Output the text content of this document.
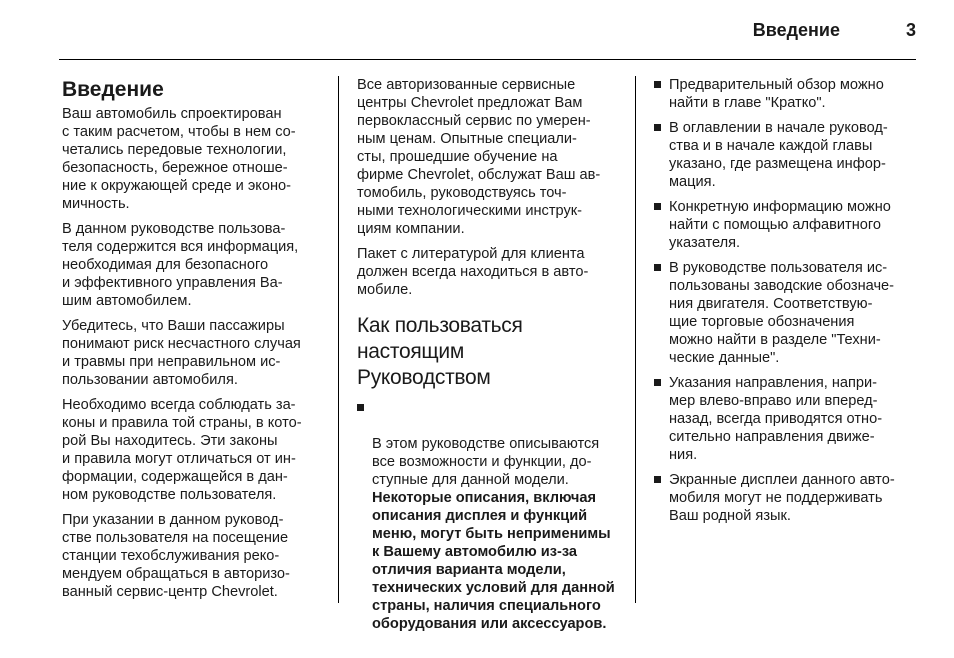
Введение	3
Введение

Ваш автомобиль спроектирован
с таким расчетом, чтобы в нем со-
четались передовые технологии,
безопасность, бережное отноше-
ние к окружающей среде и эконо-
мичность.

В данном руководстве пользова-
теля содержится вся информация,
необходимая для безопасного
и эффективного управления Ва-
шим автомобилем.

Убедитесь, что Ваши пассажиры
понимают риск несчастного случая
и травмы при неправильном ис-
пользовании автомобиля.

Необходимо всегда соблюдать за-
коны и правила той страны, в кото-
рой Вы находитесь. Эти законы
и правила могут отличаться от ин-
формации, содержащейся в дан-
ном руководстве пользователя.

При указании в данном руковод-
стве пользователя на посещение
станции техобслуживания реко-
мендуем обращаться в авторизо-
ванный сервис-центр Chevrolet.

Все авторизованные сервисные
центры Chevrolet предложат Вам
первоклассный сервис по умерен-
ным ценам. Опытные специали-
сты, прошедшие обучение на
фирме Chevrolet, обслужат Ваш ав-
томобиль, руководствуясь точ-
ными технологическими инструк-
циям компании.

Пакет с литературой для клиента
должен всегда находиться в авто-
мобиле.

Как пользоваться
настоящим
Руководством

В этом руководстве описываются
все возможности и функции, до-
ступные для данной модели.

Некоторые описания, включая
описания дисплея и функций
меню, могут быть неприменимы
к Вашему автомобилю из-за
отличия варианта модели,
технических условий для данной
страны, наличия специального
оборудования или аксессуаров.

Предварительный обзор можно
найти в главе "Кратко".
В оглавлении в начале руковод-
ства и в начале каждой главы
указано, где размещена инфор-
мация.
Конкретную информацию можно
найти с помощью алфавитного
указателя.
В руководстве пользователя ис-
пользованы заводские обозначе-
ния двигателя. Соответствую-
щие торговые обозначения
можно найти в разделе "Техни-
ческие данные".
Указания направления, напри-
мер влево-вправо или вперед-
назад, всегда приводятся отно-
сительно направления движе-
ния.
Экранные дисплеи данного авто-
мобиля могут не поддерживать
Ваш родной язык.
